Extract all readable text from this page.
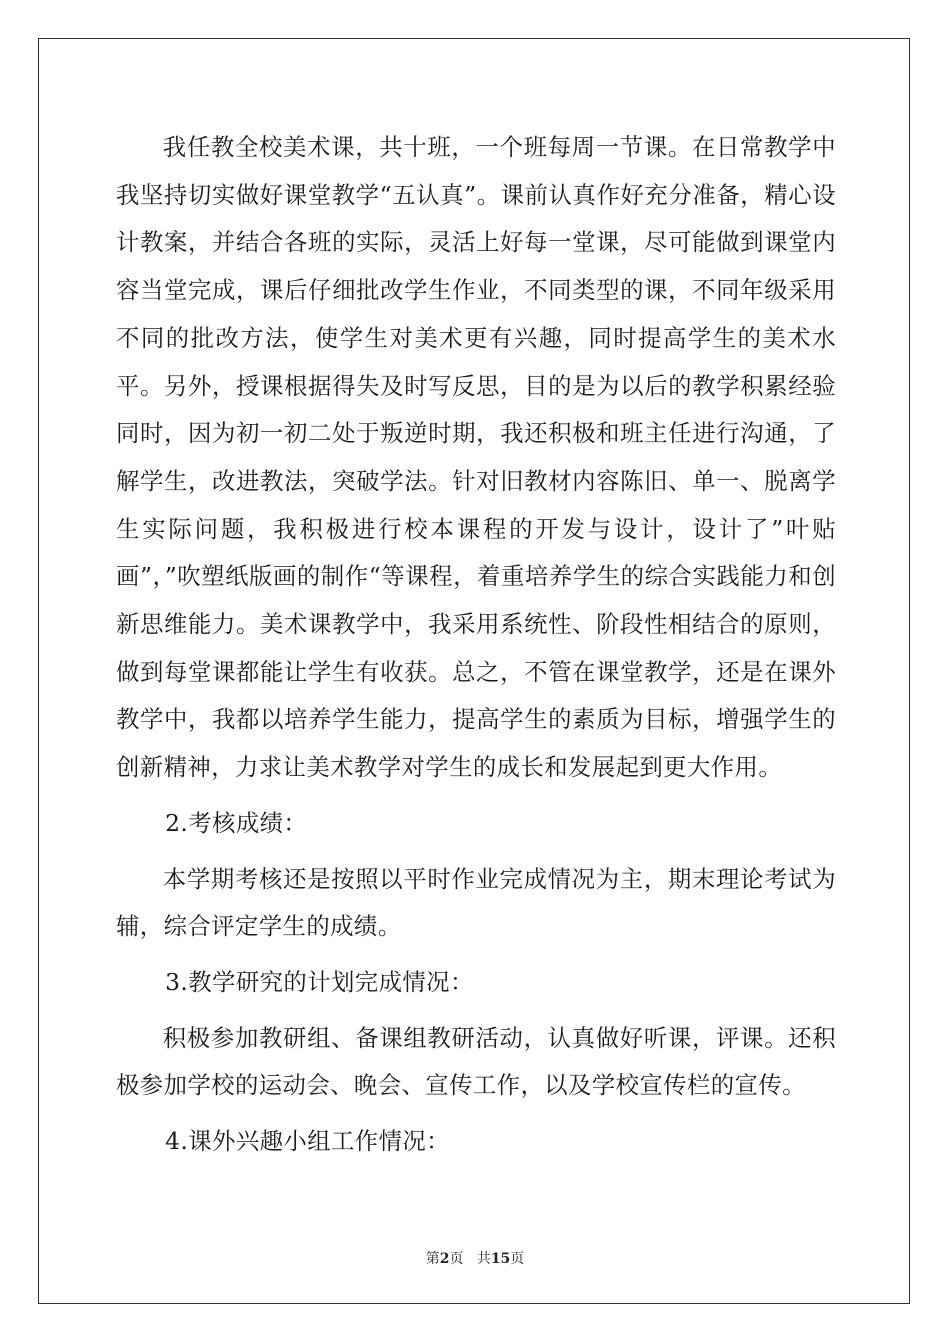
我任教全校美术课，共十班，一个班每周一节课。在日常教学中我坚持切实做好课堂教学“五认真”。课前认真作好充分准备，精心设计教案，并结合各班的实际，灵活上好每一堂课，尽可能做到课堂内容当堂完成，课后仔细批改学生作业，不同类型的课，不同年级采用不同的批改方法，使学生对美术更有兴趣，同时提高学生的美术水平。另外，授课根据得失及时写反思，目的是为以后的教学积累经验同时，因为初一初二处于叛逆时期，我还积极和班主任进行沟通，了解学生，改进教法，突破学法。针对旧教材内容陈旧、单一、脱离学生实际问题，我积极进行校本课程的开发与设计，设计了”叶贴画”，”吹塑纸版画的制作“等课程，着重培养学生的综合实践能力和创新思维能力。美术课教学中，我采用系统性、阶段性相结合的原则，做到每堂课都能让学生有收获。总之，不管在课堂教学，还是在课外教学中，我都以培养学生能力，提高学生的素质为目标，增强学生的创新精神，力求让美术教学对学生的成长和发展起到更大作用。

2.考核成绩：

本学期考核还是按照以平时作业完成情况为主，期末理论考试为辅，综合评定学生的成绩。

3.教学研究的计划完成情况：

积极参加教研组、备课组教研活动，认真做好听课，评课。还积极参加学校的运动会、晚会、宣传工作，以及学校宣传栏的宣传。

4.课外兴趣小组工作情况：

第2页 共15页
